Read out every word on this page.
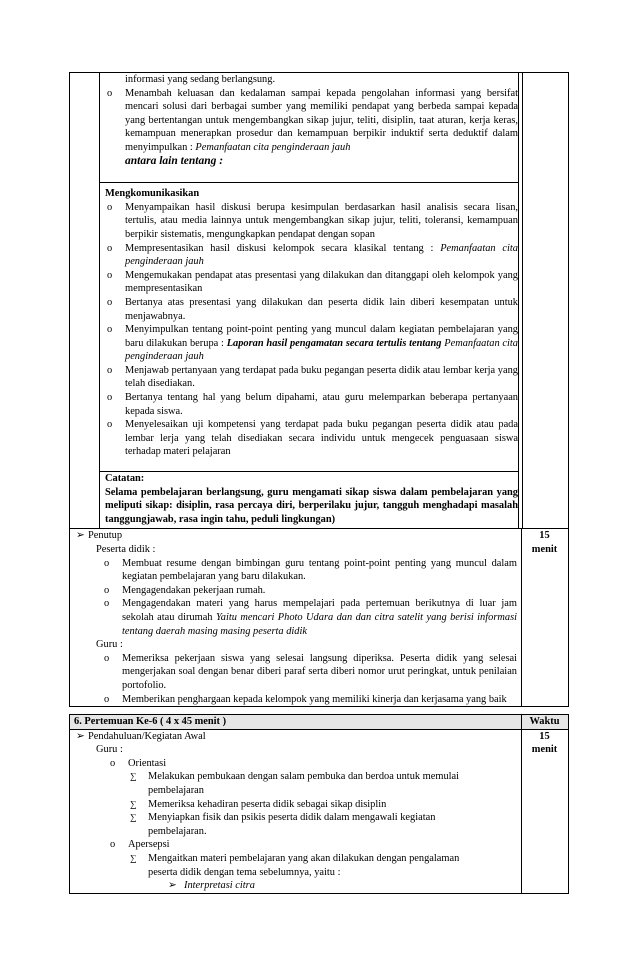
informasi yang sedang berlangsung.
o Menambah keluasan dan kedalaman sampai kepada pengolahan informasi yang bersifat mencari solusi dari berbagai sumber yang memiliki pendapat yang berbeda sampai kepada yang bertentangan untuk mengembangkan sikap jujur, teliti, disiplin, taat aturan, kerja keras, kemampuan menerapkan prosedur dan kemampuan berpikir induktif serta deduktif dalam menyimpulkan : Pemanfaatan cita penginderaan jauh
antara lain tentang :
Mengkomunikasikan
o Menyampaikan hasil diskusi berupa kesimpulan berdasarkan hasil analisis secara lisan, tertulis, atau media lainnya untuk mengembangkan sikap jujur, teliti, toleransi, kemampuan berpikir sistematis, mengungkapkan pendapat dengan sopan
o Mempresentasikan hasil diskusi kelompok secara klasikal tentang : Pemanfaatan cita penginderaan jauh
o Mengemukakan pendapat atas presentasi yang dilakukan dan ditanggapi oleh kelompok yang mempresentasikan
o Bertanya atas presentasi yang dilakukan dan peserta didik lain diberi kesempatan untuk menjawabnya.
o Menyimpulkan tentang point-point penting yang muncul dalam kegiatan pembelajaran yang baru dilakukan berupa : Laporan hasil pengamatan secara tertulis tentang Pemanfaatan cita penginderaan jauh
o Menjawab pertanyaan yang terdapat pada buku pegangan peserta didik atau lembar kerja yang telah disediakan.
o Bertanya tentang hal yang belum dipahami, atau guru melemparkan beberapa pertanyaan kepada siswa.
o Menyelesaikan uji kompetensi yang terdapat pada buku pegangan peserta didik atau pada lembar lerja yang telah disediakan secara individu untuk mengecek penguasaan siswa terhadap materi pelajaran
Catatan:
Selama pembelajaran berlangsung, guru mengamati sikap siswa dalam pembelajaran yang meliputi sikap: disiplin, rasa percaya diri, berperilaku jujur, tangguh menghadapi masalah tanggungjawab, rasa ingin tahu, peduli lingkungan)
➢ Penutup
Peserta didik :
o Membuat resume dengan bimbingan guru tentang point-point penting yang muncul dalam kegiatan pembelajaran yang baru dilakukan.
o Mengagendakan pekerjaan rumah.
o Mengagendakan materi yang harus mempelajari pada pertemuan berikutnya di luar jam sekolah atau dirumah Yaitu mencari Photo Udara dan dan citra satelit yang berisi informasi tentang daerah masing masing peserta didik
Guru :
o Memeriksa pekerjaan siswa yang selesai langsung diperiksa. Peserta didik yang selesai mengerjakan soal dengan benar diberi paraf serta diberi nomor urut peringkat, untuk penilaian portofolio.
o Memberikan penghargaan kepada kelompok yang memiliki kinerja dan kerjasama yang baik
15
menit
6. Pertemuan Ke-6 ( 4 x 45 menit )	Waktu
➢ Pendahuluan/Kegiatan Awal
Guru :
o Orientasi
∑ Melakukan pembukaan dengan salam pembuka dan berdoa untuk memulai pembelajaran
∑ Memeriksa kehadiran peserta didik sebagai sikap disiplin
∑ Menyiapkan fisik dan psikis peserta didik dalam mengawali kegiatan pembelajaran.
o Apersepsi
∑ Mengaitkan materi pembelajaran yang akan dilakukan dengan pengalaman peserta didik dengan tema sebelumnya, yaitu :
➢ Interpretasi citra
15
menit
